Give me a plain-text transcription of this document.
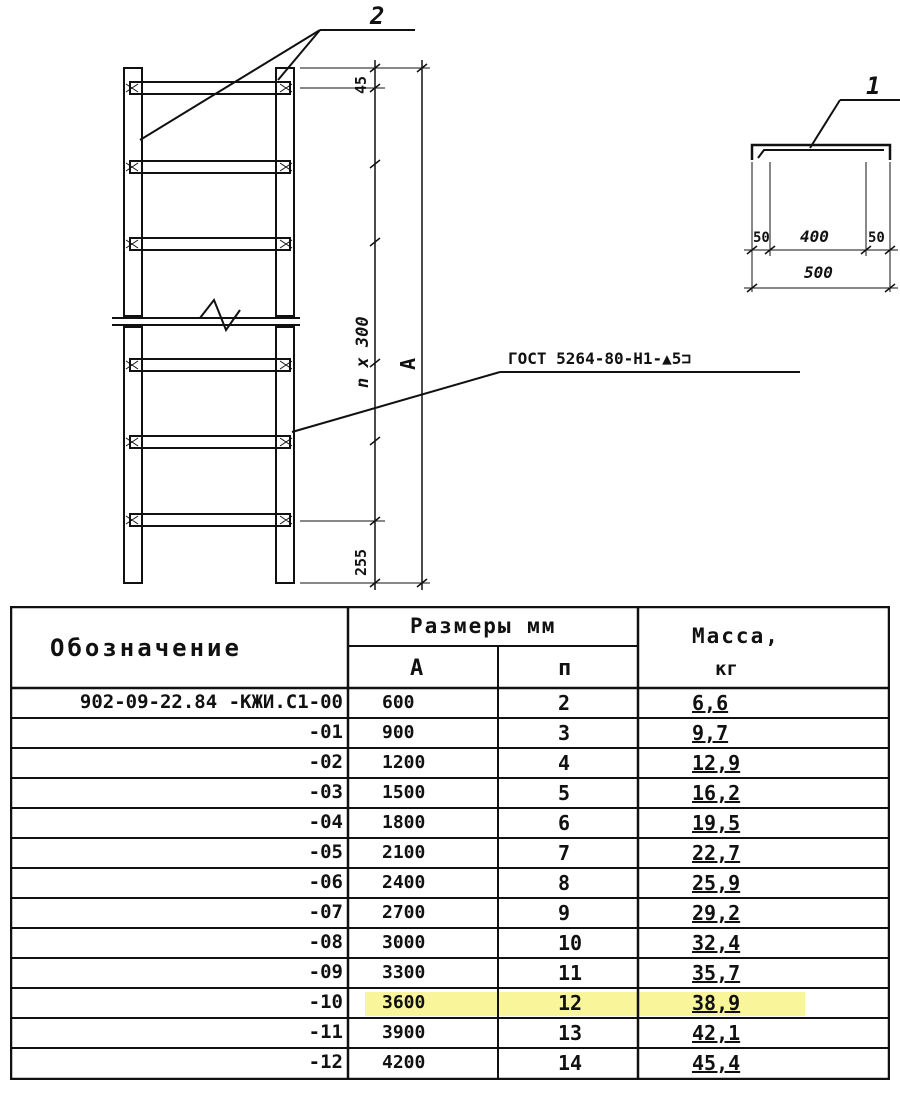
2
1
45
n x 300 A
255
ГОСТ 5264-80-Н1-▲5⊐
50 400	50
500
Обозначение
Размеры мм
А	п
Масса,
кг
902-09-22.84 -КЖИ.С1-00 600	2	6,6
-01 900	3	9,7
-02 1200	4	12,9
-03 1500	5	16,2
-04 1800	6	19,5
-05 2100	7	22,7
-06 2400	8	25,9
-07 2700	9	29,2
-08 3000	10	32,4
-09 3300	11	35,7
-10 3600	12	38,9
-11 3900	13	42,1
-12 4200	14	45,4
